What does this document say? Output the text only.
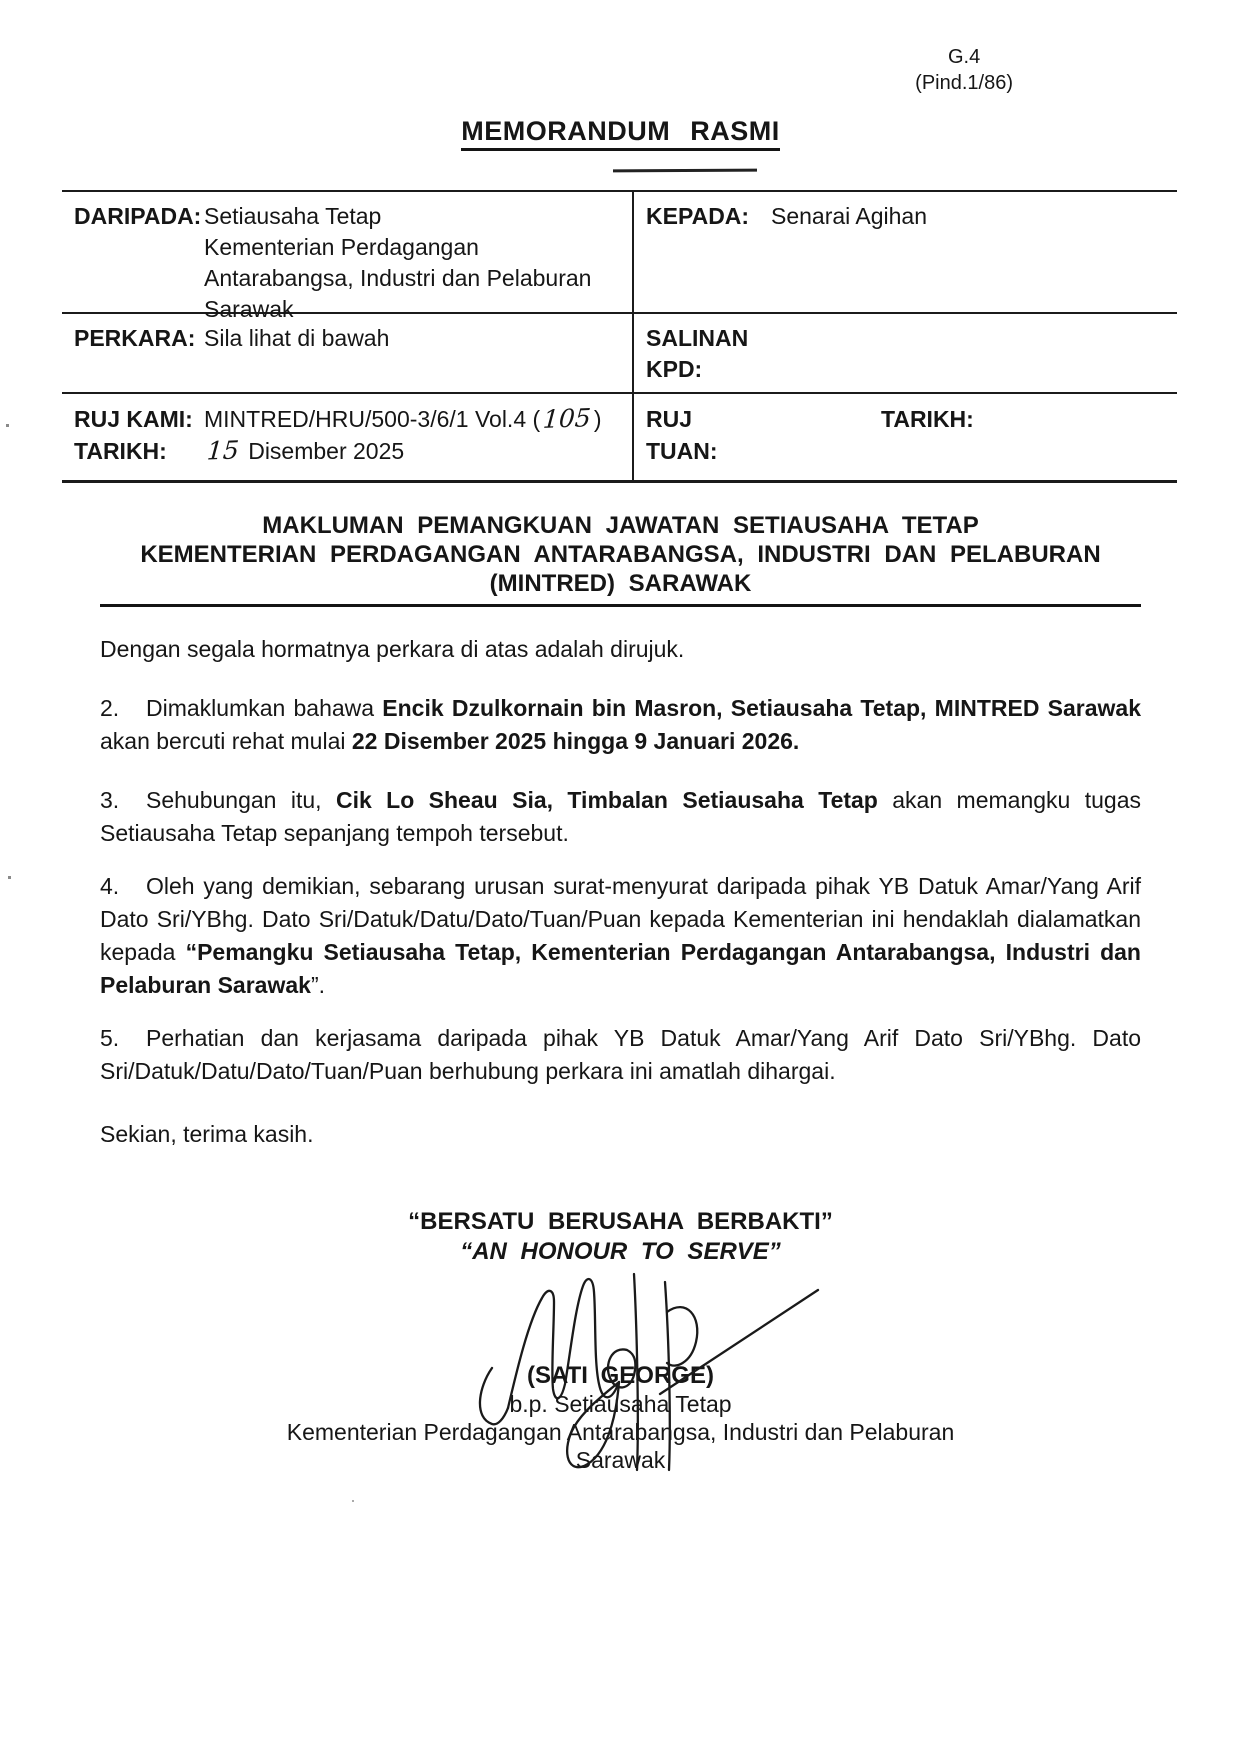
G.4
(Pind.1/86)
MEMORANDUM RASMI
DARIPADA: Setiausaha Tetap
Kementerian Perdagangan
Antarabangsa, Industri dan Pelaburan
Sarawak
KEPADA: Senarai Agihan
PERKARA: Sila lihat di bawah	SALINAN
KPD:
RUJ KAMI:
TARIKH:
MINTRED/HRU/500-3/6/1 Vol.4 (105)
15 Disember 2025
RUJ
TUAN:
TARIKH:
MAKLUMAN PEMANGKUAN JAWATAN SETIAUSAHA TETAP
KEMENTERIAN PERDAGANGAN ANTARABANGSA, INDUSTRI DAN PELABURAN
(MINTRED) SARAWAK

Dengan segala hormatnya perkara di atas adalah dirujuk.

2. Dimaklumkan bahawa Encik Dzulkornain bin Masron, Setiausaha Tetap, MINTRED Sarawak akan bercuti rehat mulai 22 Disember 2025 hingga 9 Januari 2026.

3. Sehubungan itu, Cik Lo Sheau Sia, Timbalan Setiausaha Tetap akan memangku tugas Setiausaha Tetap sepanjang tempoh tersebut.

4. Oleh yang demikian, sebarang urusan surat-menyurat daripada pihak YB Datuk Amar/Yang Arif Dato Sri/YBhg. Dato Sri/Datuk/Datu/Dato/Tuan/Puan kepada Kementerian ini hendaklah dialamatkan kepada “Pemangku Setiausaha Tetap, Kementerian Perdagangan Antarabangsa, Industri dan Pelaburan Sarawak”.

5. Perhatian dan kerjasama daripada pihak YB Datuk Amar/Yang Arif Dato Sri/YBhg. Dato Sri/Datuk/Datu/Dato/Tuan/Puan berhubung perkara ini amatlah dihargai.

Sekian, terima kasih.

“BERSATU BERUSAHA BERBAKTI”
“AN HONOUR TO SERVE”
(SATI GEORGE)
b.p. Setiausaha Tetap
Kementerian Perdagangan Antarabangsa, Industri dan Pelaburan
Sarawak
